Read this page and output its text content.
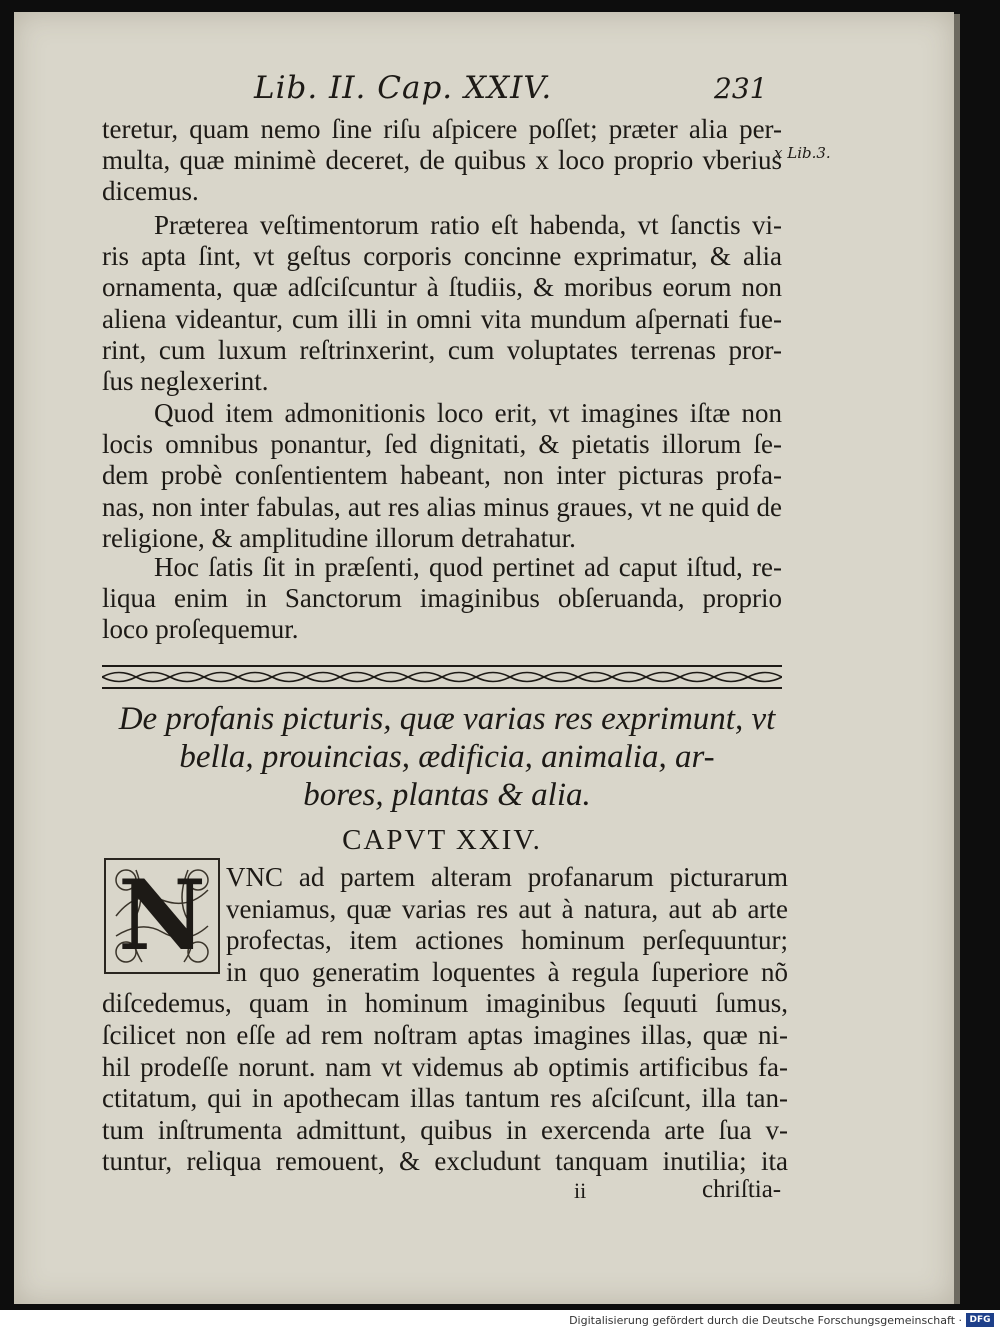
Lib. II. Cap. XXIV.	231
x Lib.3.
teretur, quam nemo ſine riſu aſpicere poſſet; præter alia per-
multa, quæ minimè deceret, de quibus x loco proprio vberius
dicemus.
Præterea veſtimentorum ratio eſt habenda, vt ſanctis vi-
ris apta ſint, vt geſtus corporis concinne exprimatur, & alia
ornamenta, quæ adſciſcuntur à ſtudiis, & moribus eorum non
aliena videantur, cum illi in omni vita mundum aſpernati fue-
rint, cum luxum reſtrinxerint, cum voluptates terrenas pror-
ſus neglexerint.
Quod item admonitionis loco erit, vt imagines iſtæ non
locis omnibus ponantur, ſed dignitati, & pietatis illorum ſe-
dem probè conſentientem habeant, non inter picturas profa-
nas, non inter fabulas, aut res alias minus graues, vt ne quid de
religione, & amplitudine illorum detrahatur.
Hoc ſatis ſit in præſenti, quod pertinet ad caput iſtud, re-
liqua enim in Sanctorum imaginibus obſeruanda, proprio
loco proſequemur.
De profanis picturis, quæ varias res exprimunt, vt
bella, prouincias, ædificia, animalia, ar-
bores, plantas & alia.
CAPVT XXIV.
N VNC ad partem alteram profanarum picturarum
veniamus, quæ varias res aut à natura, aut ab arte
profectas, item actiones hominum perſequuntur;
in quo generatim loquentes à regula ſuperiore nõ
diſcedemus, quam in hominum imaginibus ſequuti ſumus,
ſcilicet non eſſe ad rem noſtram aptas imagines illas, quæ ni-
hil prodeſſe norunt. nam vt videmus ab optimis artificibus fa-
ctitatum, qui in apothecam illas tantum res aſciſcunt, illa tan-
tum inſtrumenta admittunt, quibus in exercenda arte ſua v-
tuntur, reliqua remouent, & excludunt tanquam inutilia; ita
ii	chriſtia-
Digitalisierung gefördert durch die Deutsche Forschungsgemeinschaft · DFG
